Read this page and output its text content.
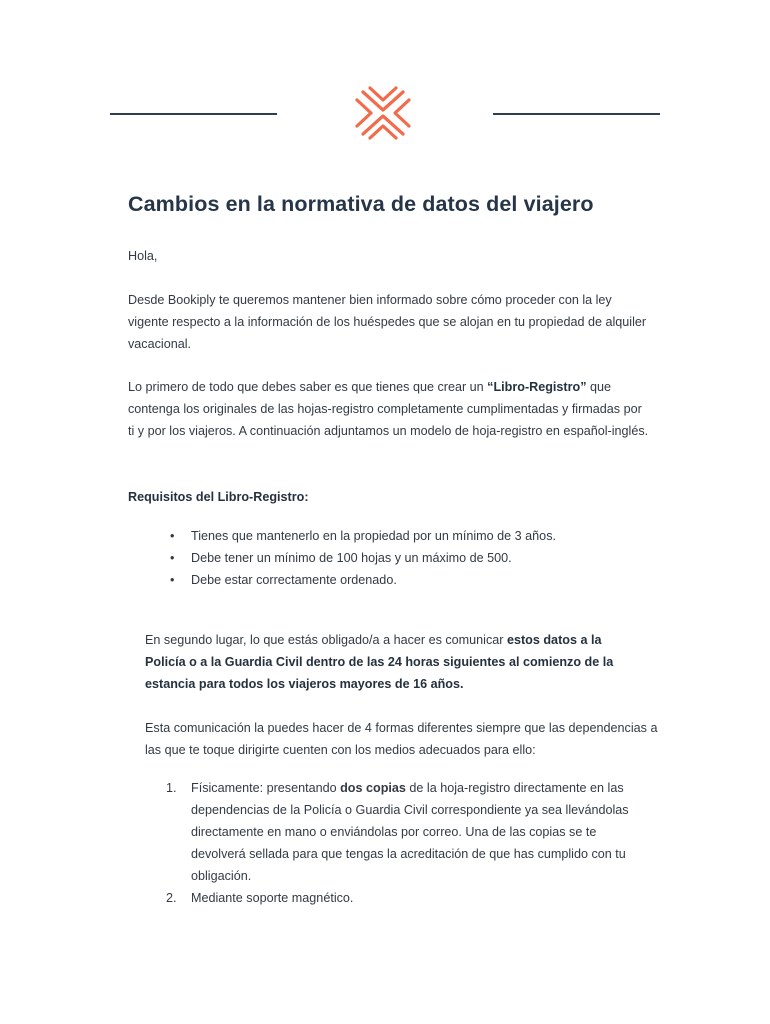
Cambios en la normativa de datos del viajero

Hola,

Desde Bookiply te queremos mantener bien informado sobre cómo proceder con la ley vigente respecto a la información de los huéspedes que se alojan en tu propiedad de alquiler vacacional.

Lo primero de todo que debes saber es que tienes que crear un “Libro-Registro” que contenga los originales de las hojas-registro completamente cumplimentadas y firmadas por ti y por los viajeros. A continuación adjuntamos un modelo de hoja-registro en español-inglés.

Requisitos del Libro-Registro:

• Tienes que mantenerlo en la propiedad por un mínimo de 3 años.
• Debe tener un mínimo de 100 hojas y un máximo de 500.
• Debe estar correctamente ordenado.

En segundo lugar, lo que estás obligado/a a hacer es comunicar estos datos a la Policía o a la Guardia Civil dentro de las 24 horas siguientes al comienzo de la estancia para todos los viajeros mayores de 16 años.

Esta comunicación la puedes hacer de 4 formas diferentes siempre que las dependencias a las que te toque dirigirte cuenten con los medios adecuados para ello:

1. Físicamente: presentando dos copias de la hoja-registro directamente en las dependencias de la Policía o Guardia Civil correspondiente ya sea llevándolas directamente en mano o enviándolas por correo. Una de las copias se te devolverá sellada para que tengas la acreditación de que has cumplido con tu obligación.
2. Mediante soporte magnético.
